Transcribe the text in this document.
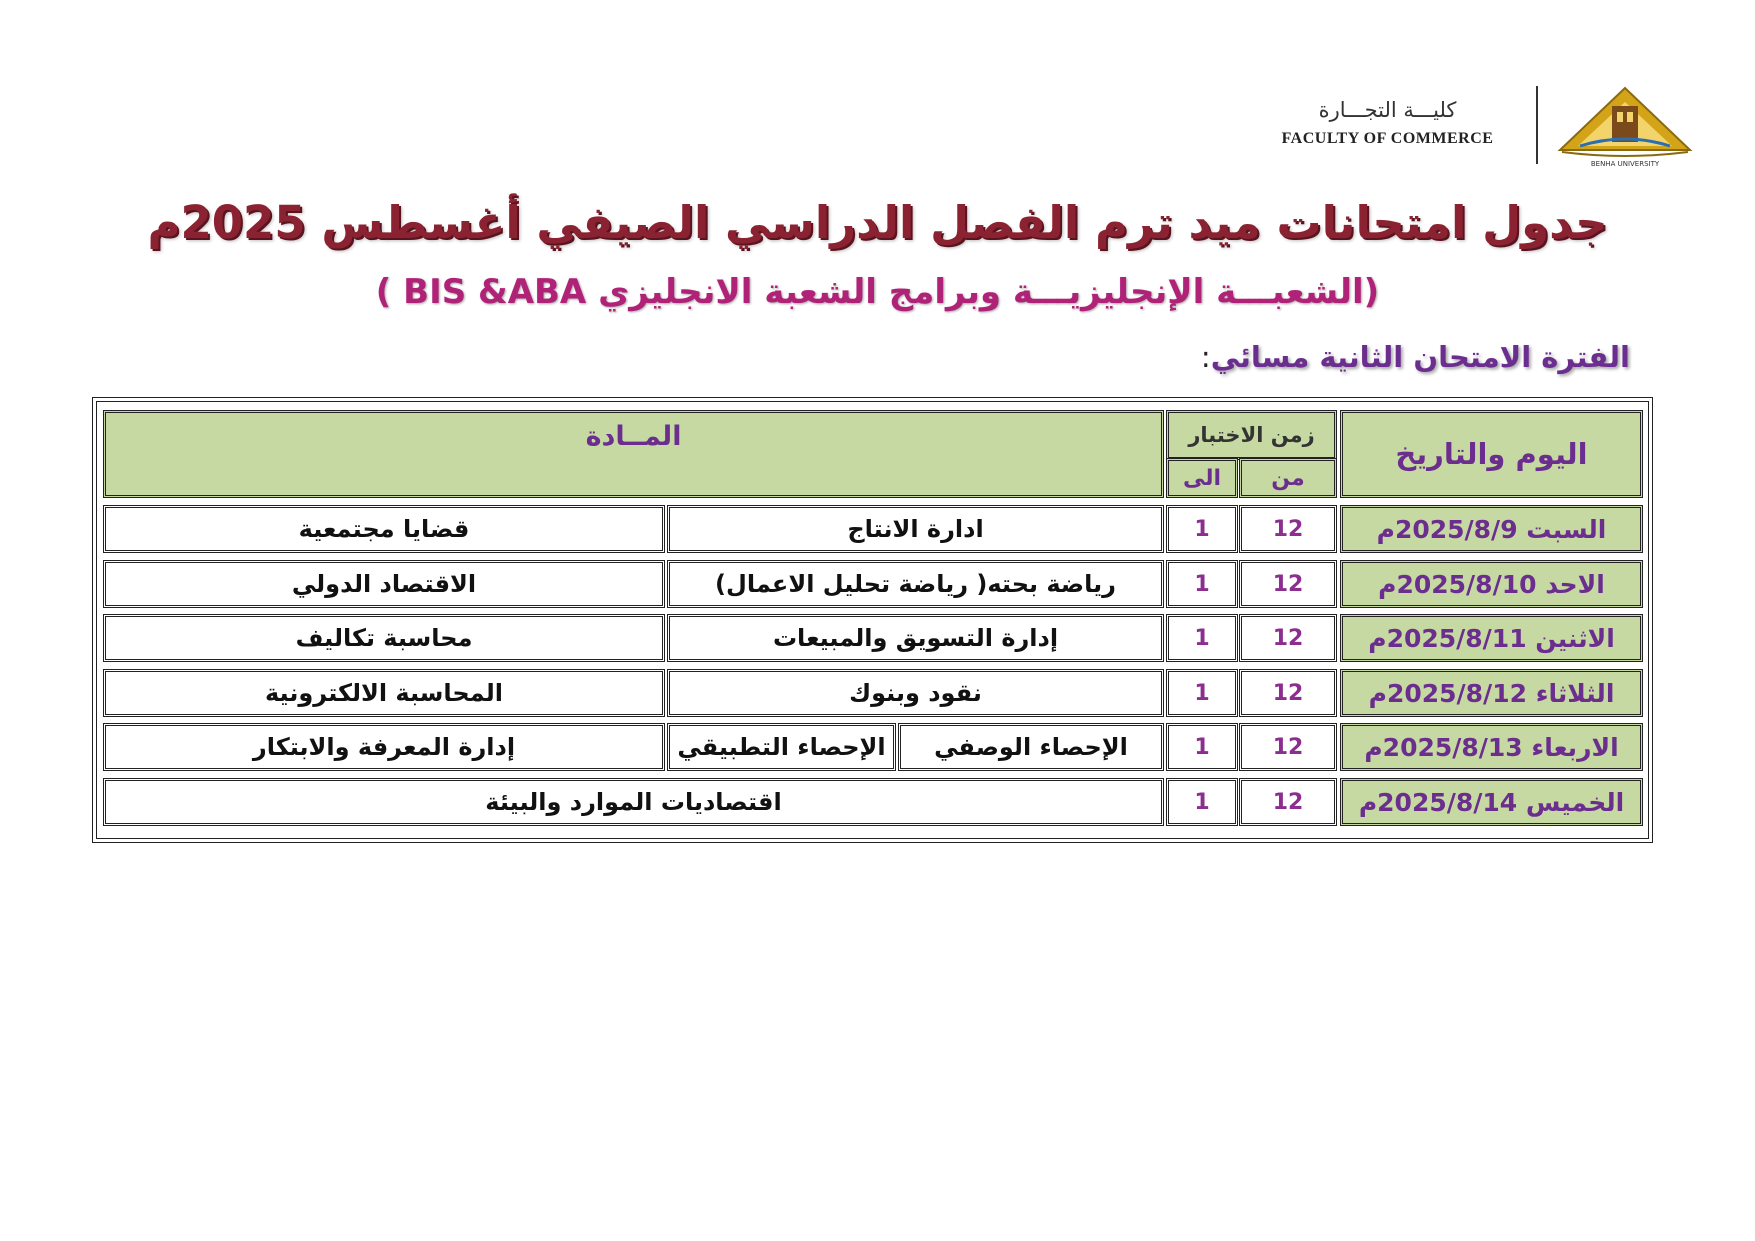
كليـــة التجـــارة
FACULTY OF COMMERCE
BENHA UNIVERSITY
جدول امتحانات ميد ترم الفصل الدراسي الصيفي أغسطس 2025م
(الشعبـــة الإنجليزيـــة وبرامج الشعبة الانجليزي BIS &ABA )
الفترة الامتحان الثانية مسائي:
المــادة	زمن الاختبار
الى	من
اليوم والتاريخ
السبت 2025/8/9م
12
1
ادارة الانتاج
قضايا مجتمعية
الاحد 2025/8/10م
12
1
رياضة بحته( رياضة تحليل الاعمال)
الاقتصاد الدولي
الاثنين 2025/8/11م
12
1
إدارة التسويق والمبيعات
محاسبة تكاليف
الثلاثاء 2025/8/12م
12
1
نقود وبنوك
المحاسبة الالكترونية
الاربعاء 2025/8/13م
12
1
الإحصاء الوصفي
الإحصاء التطبيقي
إدارة المعرفة والابتكار
الخميس 2025/8/14م
12
1
اقتصاديات الموارد والبيئة
